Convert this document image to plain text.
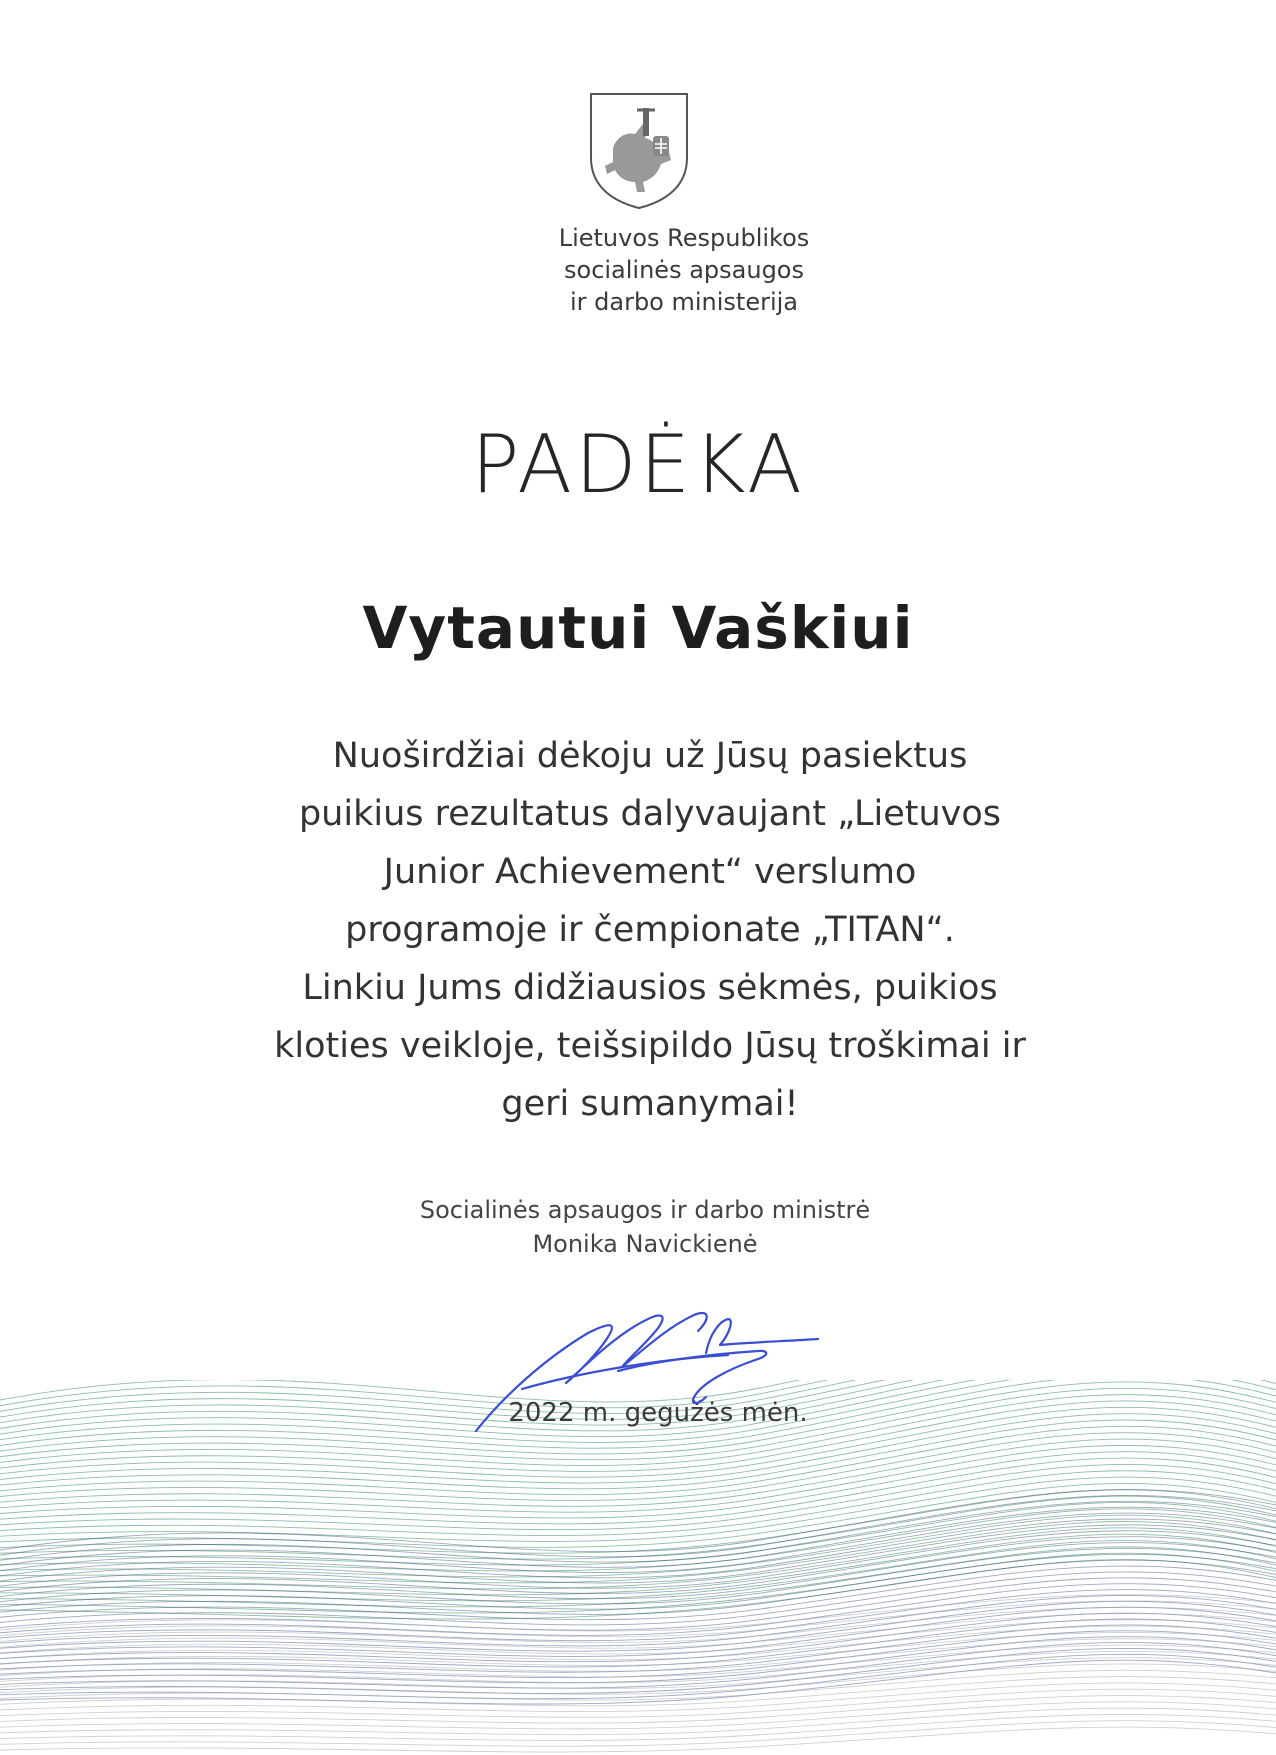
Lietuvos Respublikos
socialinės apsaugos
ir darbo ministerija
PADĖKA
Vytautui Vaškiui

Nuoširdžiai dėkoju už Jūsų pasiektus
puikius rezultatus dalyvaujant „Lietuvos
Junior Achievement“ verslumo
programoje ir čempionate „TITAN“.

Linkiu Jums didžiausios sėkmės, puikios
kloties veikloje, teišsipildo Jūsų troškimai ir
geri sumanymai!

Socialinės apsaugos ir darbo ministrė
Monika Navickienė
2022 m. gegužės mėn.
